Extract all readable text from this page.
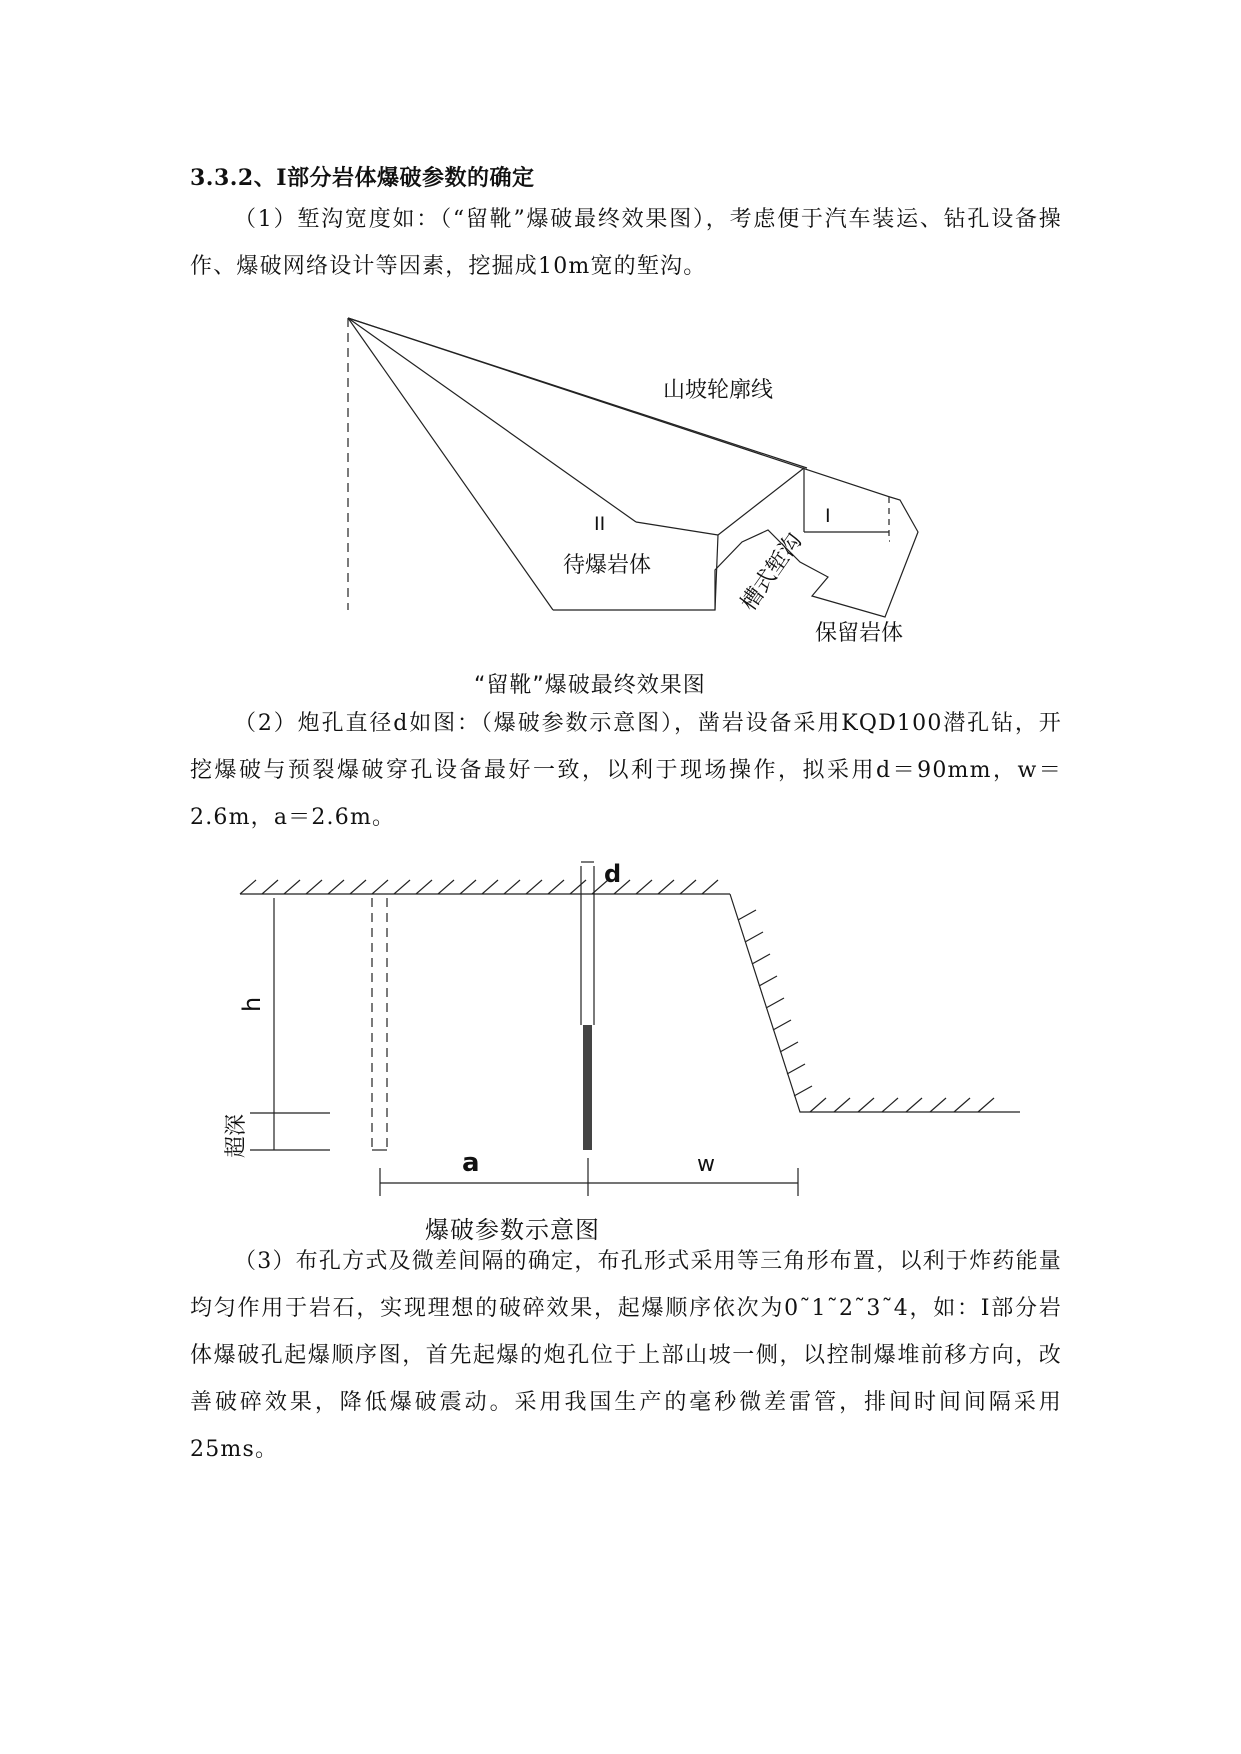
3.3.2、I部分岩体爆破参数的确定
（1）堑沟宽度如：（“留靴”爆破最终效果图），考虑便于汽车装运、钻孔设备操作、爆破网络设计等因素，挖掘成10m宽的堑沟。
山坡轮廓线
II	I
待爆岩体	槽式堑沟
保留岩体
d
h
超深
a	w
“留靴”爆破最终效果图
（2）炮孔直径d如图：（爆破参数示意图），凿岩设备采用KQD100潜孔钻，开挖爆破与预裂爆破穿孔设备最好一致，以利于现场操作，拟采用d＝90mm，w＝2.6m，a＝2.6m。
爆破参数示意图
（3）布孔方式及微差间隔的确定，布孔形式采用等三角形布置，以利于炸药能量均匀作用于岩石，实现理想的破碎效果，起爆顺序依次为0˜1˜2˜3˜4，如：I部分岩体爆破孔起爆顺序图，首先起爆的炮孔位于上部山坡一侧，以控制爆堆前移方向，改善破碎效果，降低爆破震动。采用我国生产的毫秒微差雷管，排间时间间隔采用25ms。
